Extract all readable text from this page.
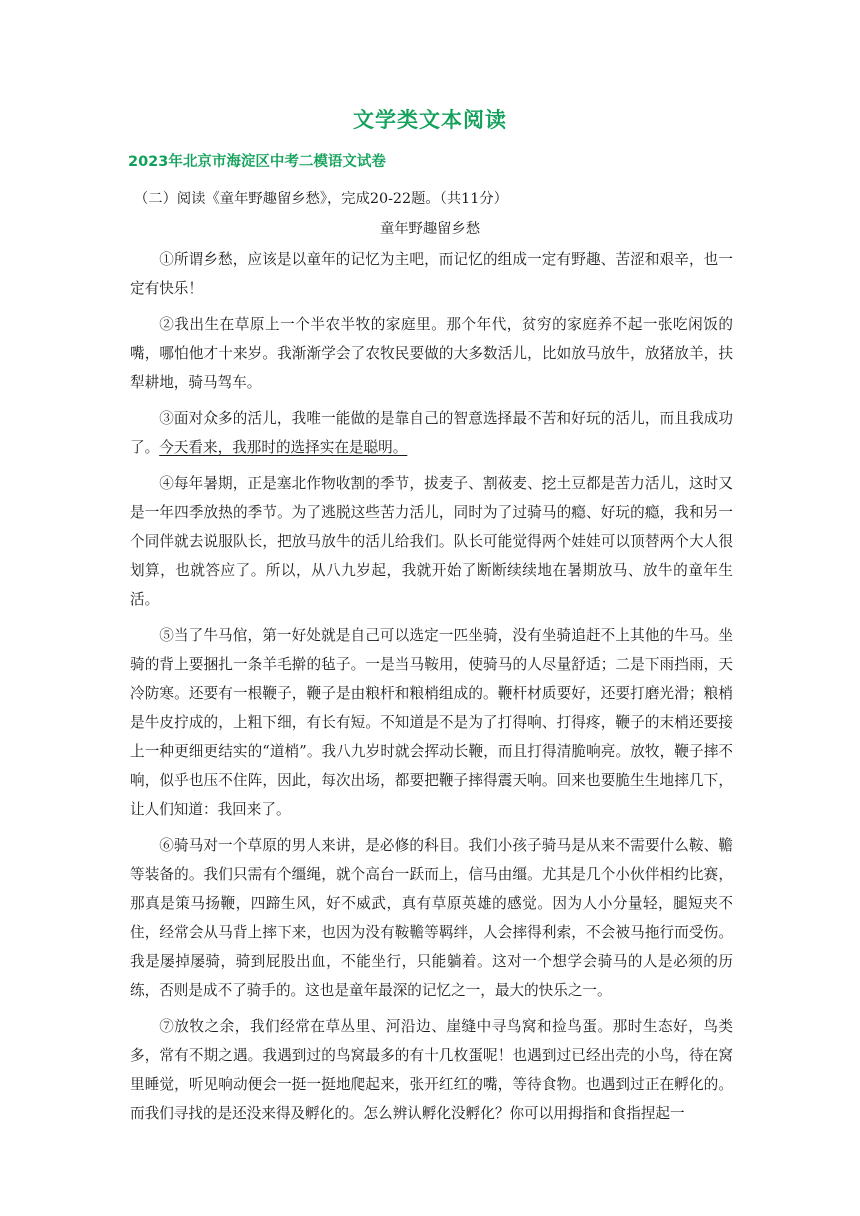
文学类文本阅读

2023年北京市海淀区中考二模语文试卷

（二）阅读《童年野趣留乡愁》，完成20-22题。（共11分）

童年野趣留乡愁

①所谓乡愁，应该是以童年的记忆为主吧，而记忆的组成一定有野趣、苦涩和艰辛，也一定有快乐！

②我出生在草原上一个半农半牧的家庭里。那个年代，贫穷的家庭养不起一张吃闲饭的嘴，哪怕他才十来岁。我渐渐学会了农牧民要做的大多数活儿，比如放马放牛，放猪放羊，扶犁耕地，骑马驾车。

③面对众多的活儿，我唯一能做的是靠自己的智意选择最不苦和好玩的活儿，而且我成功了。今天看来，我那时的选择实在是聪明。

④每年暑期，正是塞北作物收割的季节，拔麦子、割莜麦、挖土豆都是苦力活儿，这时又是一年四季放热的季节。为了逃脱这些苦力活儿，同时为了过骑马的瘾、好玩的瘾，我和另一个同伴就去说服队长，把放马放牛的活儿给我们。队长可能觉得两个娃娃可以顶替两个大人很划算，也就答应了。所以，从八九岁起，我就开始了断断续续地在暑期放马、放牛的童年生活。

⑤当了牛马倌，第一好处就是自己可以选定一匹坐骑，没有坐骑追赶不上其他的牛马。坐骑的背上要捆扎一条羊毛擀的毡子。一是当马鞍用，使骑马的人尽量舒适；二是下雨挡雨，天冷防寒。还要有一根鞭子，鞭子是由粮杆和粮梢组成的。鞭杆材质要好，还要打磨光滑；粮梢是牛皮拧成的，上粗下细，有长有短。不知道是不是为了打得响、打得疼，鞭子的末梢还要接上一种更细更结实的“道梢”。我八九岁时就会挥动长鞭，而且打得清脆响亮。放牧，鞭子摔不响，似乎也压不住阵，因此，每次出场，都要把鞭子摔得震天响。回来也要脆生生地摔几下，让人们知道：我回来了。

⑥骑马对一个草原的男人来讲，是必修的科目。我们小孩子骑马是从来不需要什么鞍、韂等装备的。我们只需有个缰绳，就个高台一跃而上，信马由缰。尤其是几个小伙伴相约比赛，那真是策马扬鞭，四蹄生风，好不威武，真有草原英雄的感觉。因为人小分量轻，腿短夹不住，经常会从马背上摔下来，也因为没有鞍韂等羁绊，人会摔得利索，不会被马拖行而受伤。我是屡掉屡骑，骑到屁股出血，不能坐行，只能躺着。这对一个想学会骑马的人是必须的历练，否则是成不了骑手的。这也是童年最深的记忆之一，最大的快乐之一。

⑦放牧之余，我们经常在草丛里、河沿边、崖缝中寻鸟窝和捡鸟蛋。那时生态好，鸟类多，常有不期之遇。我遇到过的鸟窝最多的有十几枚蛋呢！也遇到过已经出壳的小鸟，待在窝里睡觉，听见响动便会一挺一挺地爬起来，张开红红的嘴，等待食物。也遇到过正在孵化的。而我们寻找的是还没来得及孵化的。怎么辨认孵化没孵化？你可以用拇指和食指捏起一
